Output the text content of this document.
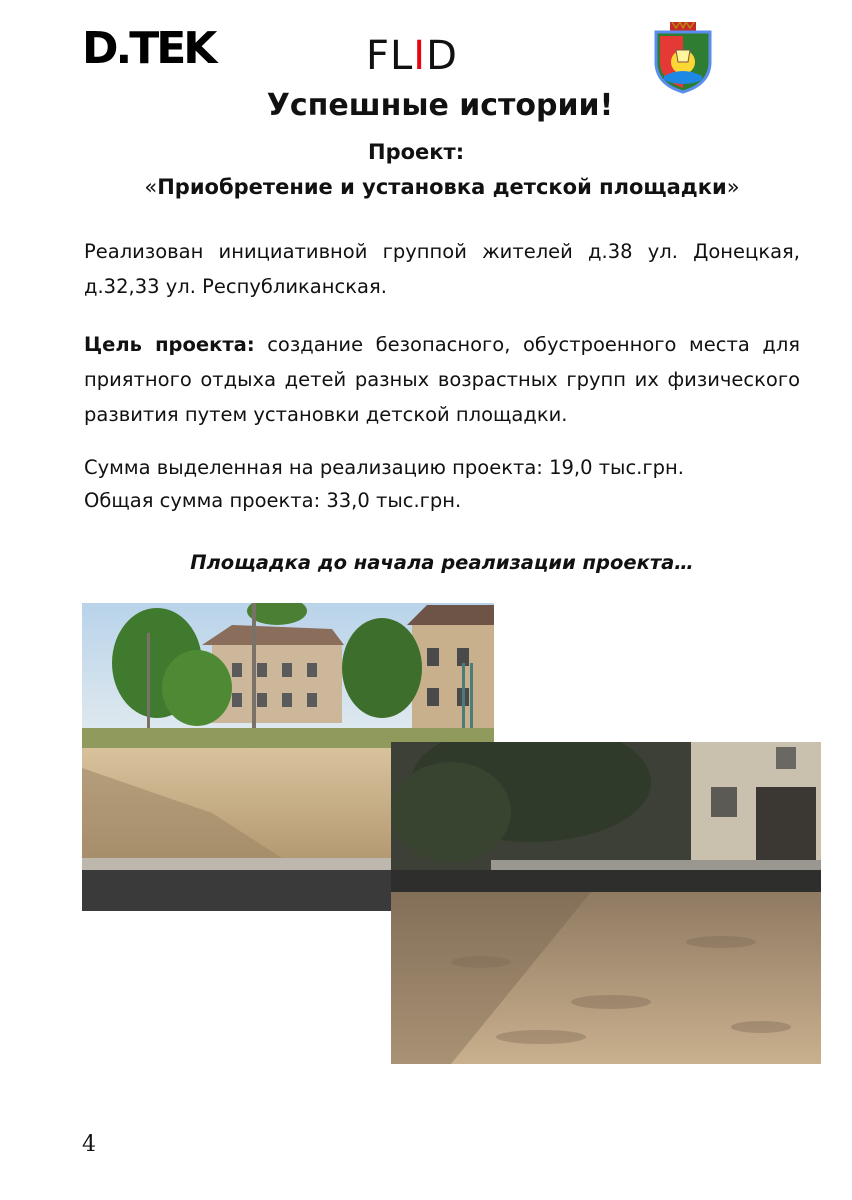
D.TEK	FLID
Успешные истории!
Проект:
«Приобретение и установка детской площадки»
Реализован инициативной группой жителей д.38 ул. Донецкая, д.32,33 ул. Республиканская.
Цель проекта: создание безопасного, обустроенного места для приятного отдыха детей разных возрастных групп их физического развития путем установки детской площадки.
Сумма выделенная на реализацию проекта: 19,0 тыс.грн.
Общая сумма проекта: 33,0 тыс.грн.
Площадка до начала реализации проекта…
4
